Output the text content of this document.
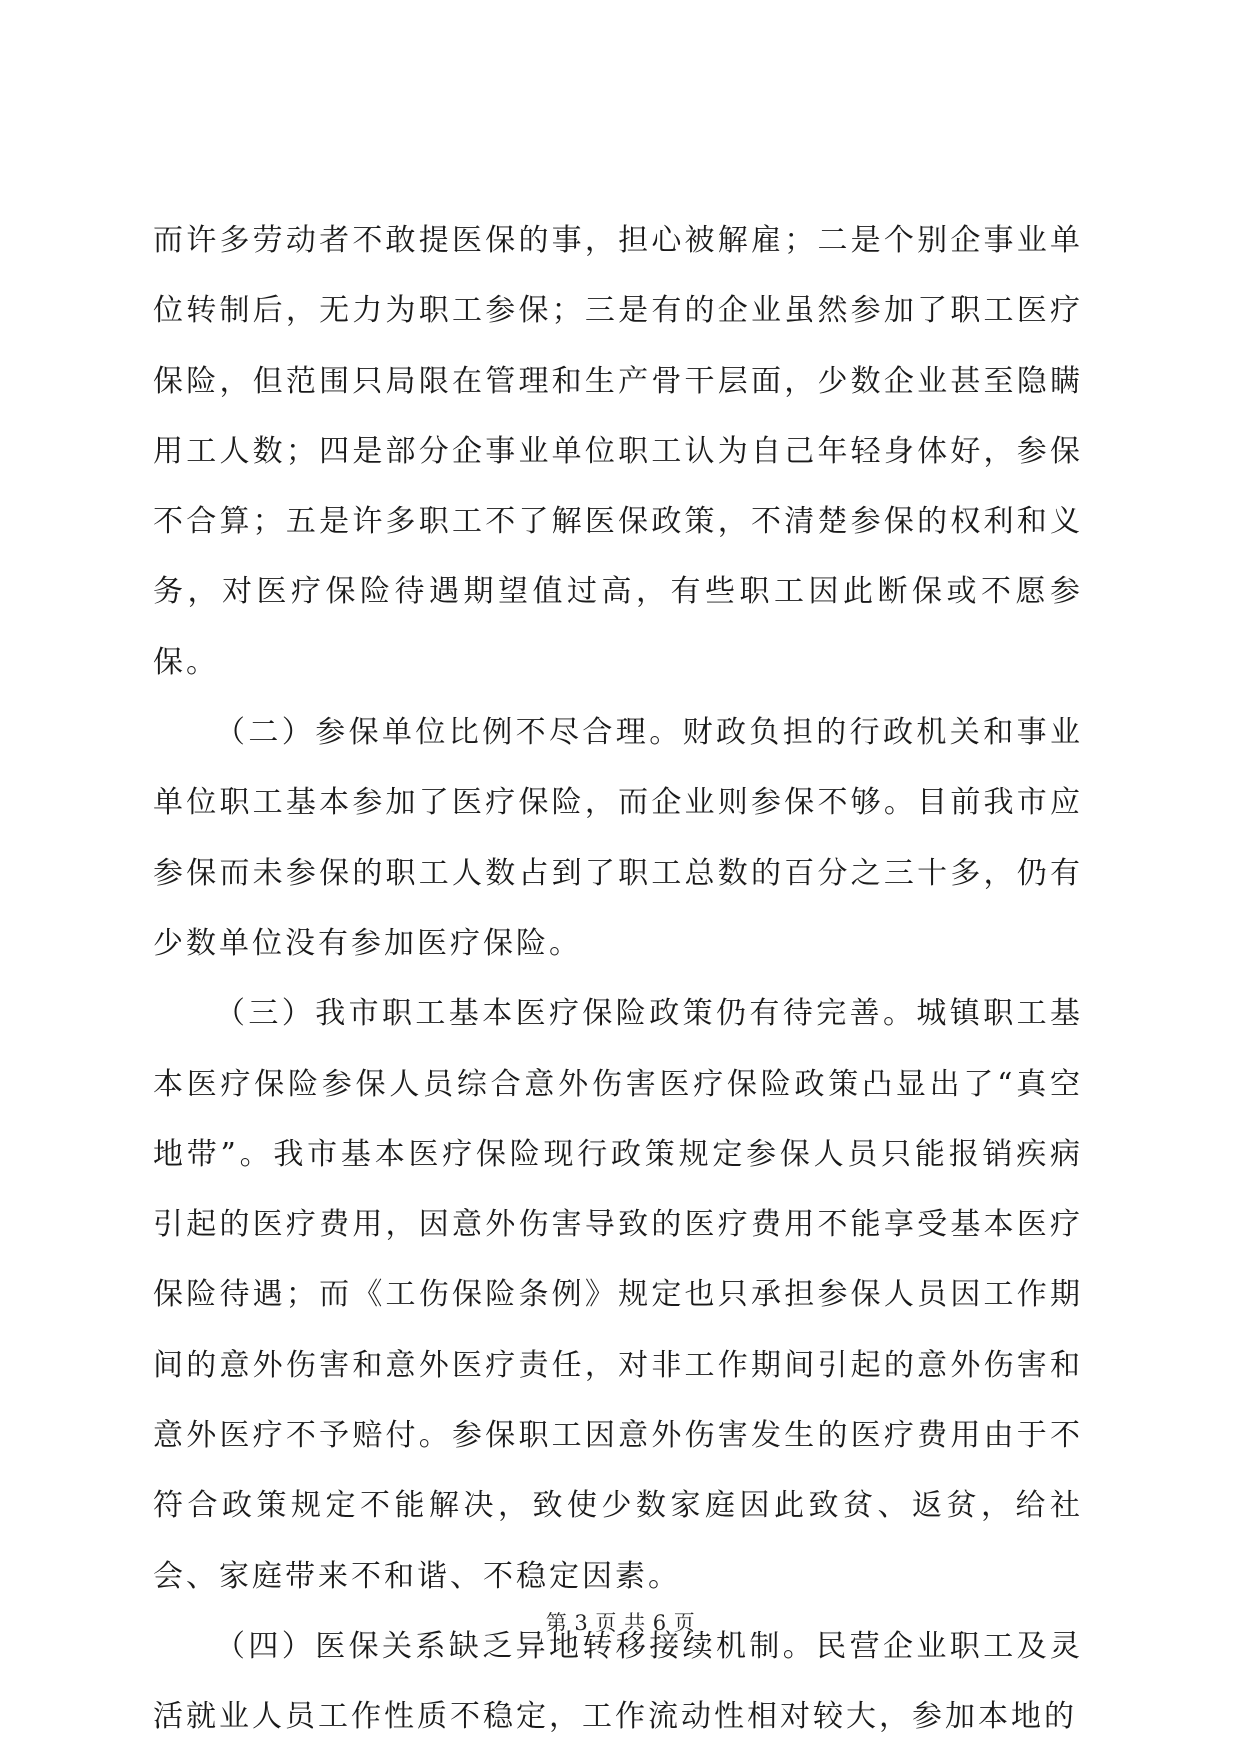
而许多劳动者不敢提医保的事，担心被解雇；二是个别企事业单位转制后，无力为职工参保；三是有的企业虽然参加了职工医疗保险，但范围只局限在管理和生产骨干层面，少数企业甚至隐瞒用工人数；四是部分企事业单位职工认为自己年轻身体好，参保不合算；五是许多职工不了解医保政策，不清楚参保的权利和义务，对医疗保险待遇期望值过高，有些职工因此断保或不愿参保。

（二）参保单位比例不尽合理。财政负担的行政机关和事业单位职工基本参加了医疗保险，而企业则参保不够。目前我市应参保而未参保的职工人数占到了职工总数的百分之三十多，仍有少数单位没有参加医疗保险。

（三）我市职工基本医疗保险政策仍有待完善。城镇职工基本医疗保险参保人员综合意外伤害医疗保险政策凸显出了“真空地带”。我市基本医疗保险现行政策规定参保人员只能报销疾病引起的医疗费用，因意外伤害导致的医疗费用不能享受基本医疗保险待遇；而《工伤保险条例》规定也只承担参保人员因工作期间的意外伤害和意外医疗责任，对非工作期间引起的意外伤害和意外医疗不予赔付。参保职工因意外伤害发生的医疗费用由于不符合政策规定不能解决，致使少数家庭因此致贫、返贫，给社会、家庭带来不和谐、不稳定因素。

（四）医保关系缺乏异地转移接续机制。民营企业职工及灵活就业人员工作性质不稳定，工作流动性相对较大，参加本地的

第 3 页 共 6 页
